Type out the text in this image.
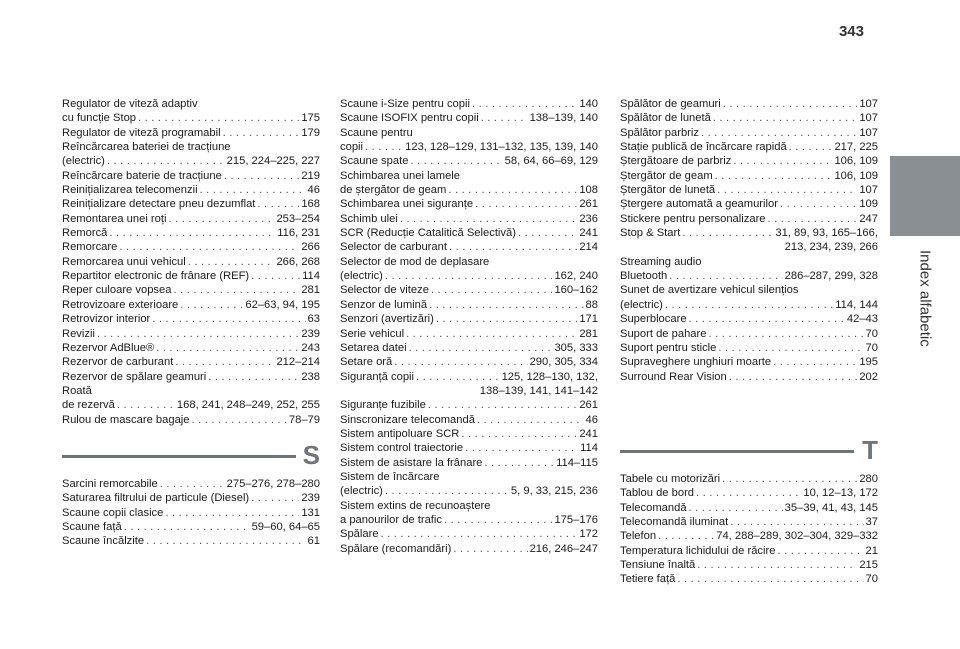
343
Index alfabetic
Regulator de viteză adaptiv
cu funcție Stop . . .	175
Regulator de viteză programabil . . .	179
Reîncărcarea bateriei de tracțiune
(electric) . . .	215, 224–225, 227
Reîncărcare baterie de tracțiune . . .	219
Reinițializarea telecomenzii . . .	46
Reinițializare detectare pneu dezumflat . . .	168
Remontarea unei roți . . .	253–254
Remorcă . . .	116, 231
Remorcare . . .	266
Remorcarea unui vehicul . . .	266, 268
Repartitor electronic de frânare (REF) . . .	114
Reper culoare vopsea . . .	281
Retrovizoare exterioare . . .	62–63, 94, 195
Retrovizor interior . . .	63
Revizii . . .	239
Rezervor AdBlue® . . .	243
Rezervor de carburant . . .	212–214
Rezervor de spălare geamuri . . .	238
Roată
de rezervă . . .	168, 241, 248–249, 252, 255
Rulou de mascare bagaje . . .	78–79
S
Sarcini remorcabile . . .	275–276, 278–280
Saturarea filtrului de particule (Diesel) . . .	239
Scaune copii clasice . . .	131
Scaune față . . .	59–60, 64–65
Scaune încălzite . . .	61
Scaune i-Size pentru copii . . .	140
Scaune ISOFIX pentru copii . . .	138–139, 140
Scaune pentru
copii . . .	123, 128–129, 131–132, 135, 139, 140
Scaune spate . . .	58, 64, 66–69, 129
Schimbarea unei lamele
de ștergător de geam . . .	108
Schimbarea unei siguranțe . . .	261
Schimb ulei . . .	236
SCR (Reducție Catalitică Selectivă) . . .	241
Selector de carburant . . .	214
Selector de mod de deplasare
(electric) . . .	162, 240
Selector de viteze . . .	160–162
Senzor de lumină . . .	88
Senzori (avertizări) . . .	171
Serie vehicul . . .	281
Setarea datei . . .	305, 333
Setare oră . . .	290, 305, 334
Siguranță copii . . .	125, 128–130, 132,
138–139, 141, 141–142
Siguranțe fuzibile . . .	261
Sinscronizare telecomandă . . .	46
Sistem antipoluare SCR . . .	241
Sistem control traiectorie . . .	114
Sistem de asistare la frânare . . .	114–115
Sistem de încărcare
(electric) . . .	5, 9, 33, 215, 236
Sistem extins de recunoaștere
a panourilor de trafic . . .	175–176
Spălare . . .	172
Spălare (recomandări) . . .	216, 246–247
Spălător de geamuri . . .	107
Spălător de lunetă . . .	107
Spălător parbriz . . .	107
Stație publică de încărcare rapidă . . .	217, 225
Ștergătoare de parbriz . . .	106, 109
Ștergător de geam . . .	106, 109
Ștergător de lunetă . . .	107
Ștergere automată a geamurilor . . .	109
Stickere pentru personalizare . . .	247
Stop & Start . . .	31, 89, 93, 165–166,
213, 234, 239, 266
Streaming audio
Bluetooth . . .	286–287, 299, 328
Sunet de avertizare vehicul silențios
(electric) . . .	114, 144
Superblocare . . .	42–43
Suport de pahare . . .	70
Suport pentru sticle . . .	70
Supraveghere unghiuri moarte . . .	195
Surround Rear Vision . . .	202
T
Tabele cu motorizări . . .	280
Tablou de bord . . .	10, 12–13, 172
Telecomandă . . .	35–39, 41, 43, 145
Telecomandă iluminat . . .	37
Telefon . . .	74, 288–289, 302–304, 329–332
Temperatura lichidului de răcire . . .	21
Tensiune înaltă . . .	215
Tetiere față . . .	70
